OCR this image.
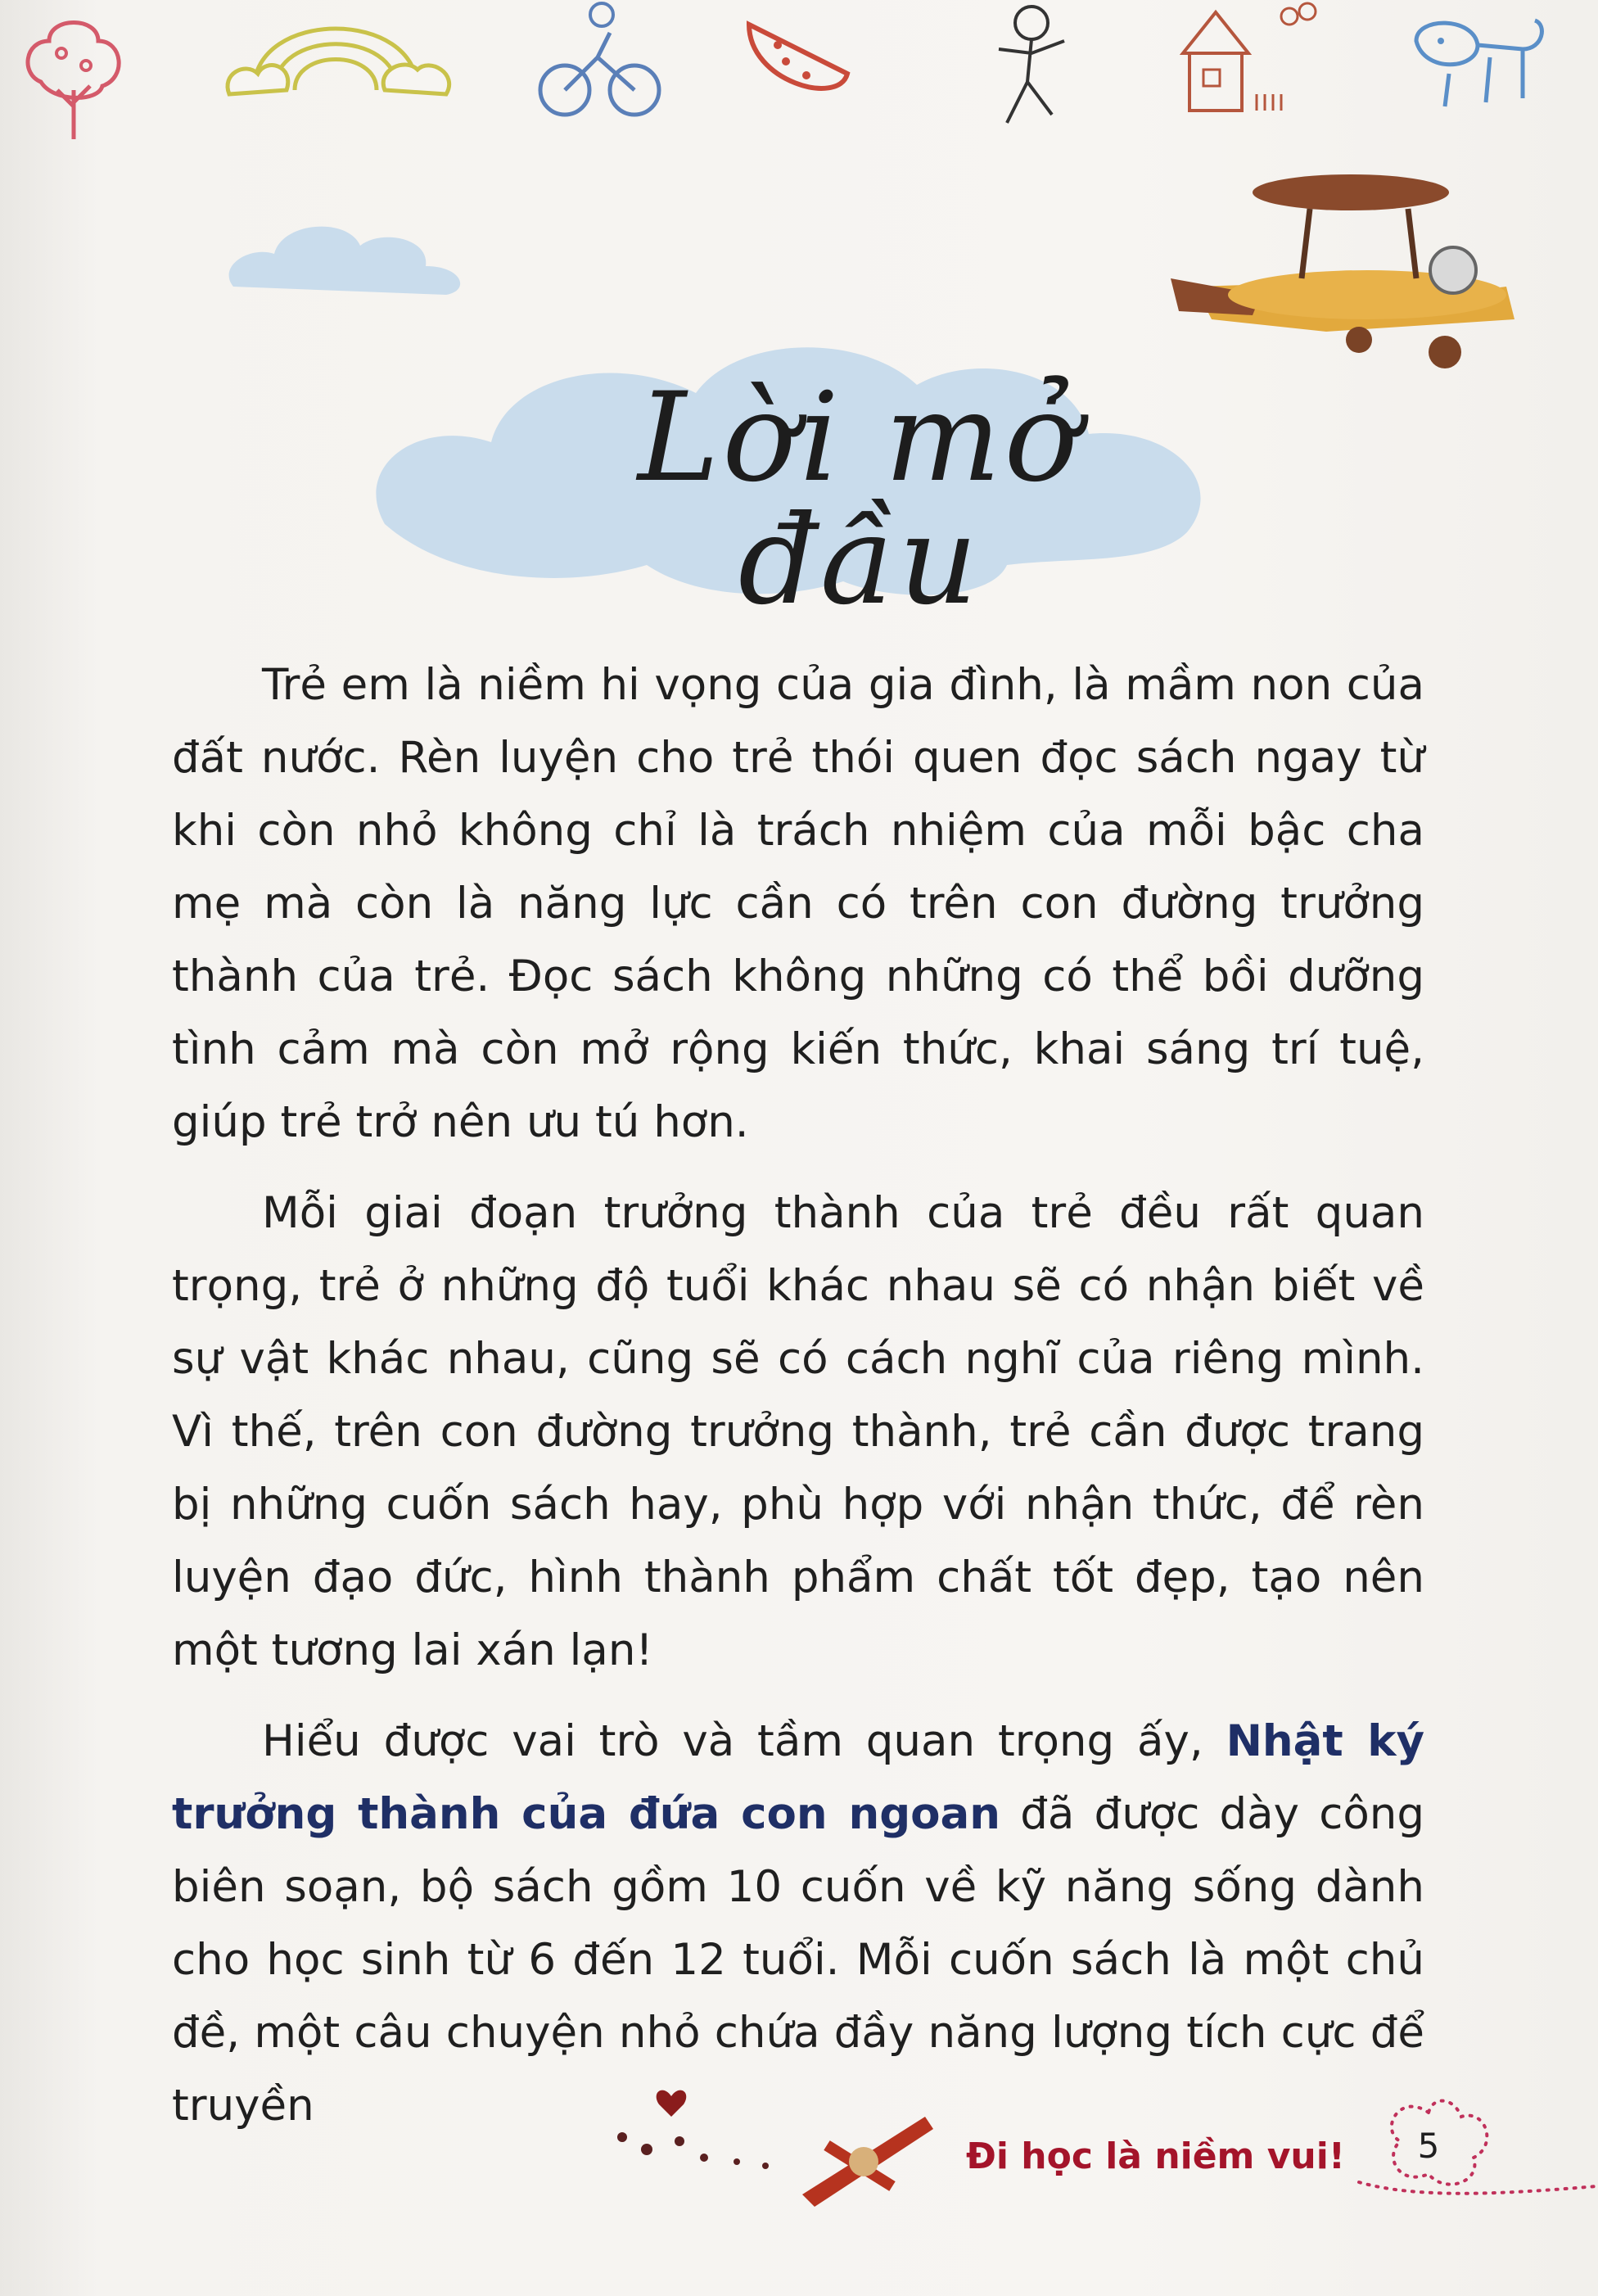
Lời mở đầu

Trẻ em là niềm hi vọng của gia đình, là mầm non của đất nước. Rèn luyện cho trẻ thói quen đọc sách ngay từ khi còn nhỏ không chỉ là trách nhiệm của mỗi bậc cha mẹ mà còn là năng lực cần có trên con đường trưởng thành của trẻ. Đọc sách không những có thể bồi dưỡng tình cảm mà còn mở rộng kiến thức, khai sáng trí tuệ, giúp trẻ trở nên ưu tú hơn.

Mỗi giai đoạn trưởng thành của trẻ đều rất quan trọng, trẻ ở những độ tuổi khác nhau sẽ có nhận biết về sự vật khác nhau, cũng sẽ có cách nghĩ của riêng mình. Vì thế, trên con đường trưởng thành, trẻ cần được trang bị những cuốn sách hay, phù hợp với nhận thức, để rèn luyện đạo đức, hình thành phẩm chất tốt đẹp, tạo nên một tương lai xán lạn!

Hiểu được vai trò và tầm quan trọng ấy, Nhật ký trưởng thành của đứa con ngoan đã được dày công biên soạn, bộ sách gồm 10 cuốn về kỹ năng sống dành cho học sinh từ 6 đến 12 tuổi. Mỗi cuốn sách là một chủ đề, một câu chuyện nhỏ chứa đầy năng lượng tích cực để truyền

Đi học là niềm vui!	5
